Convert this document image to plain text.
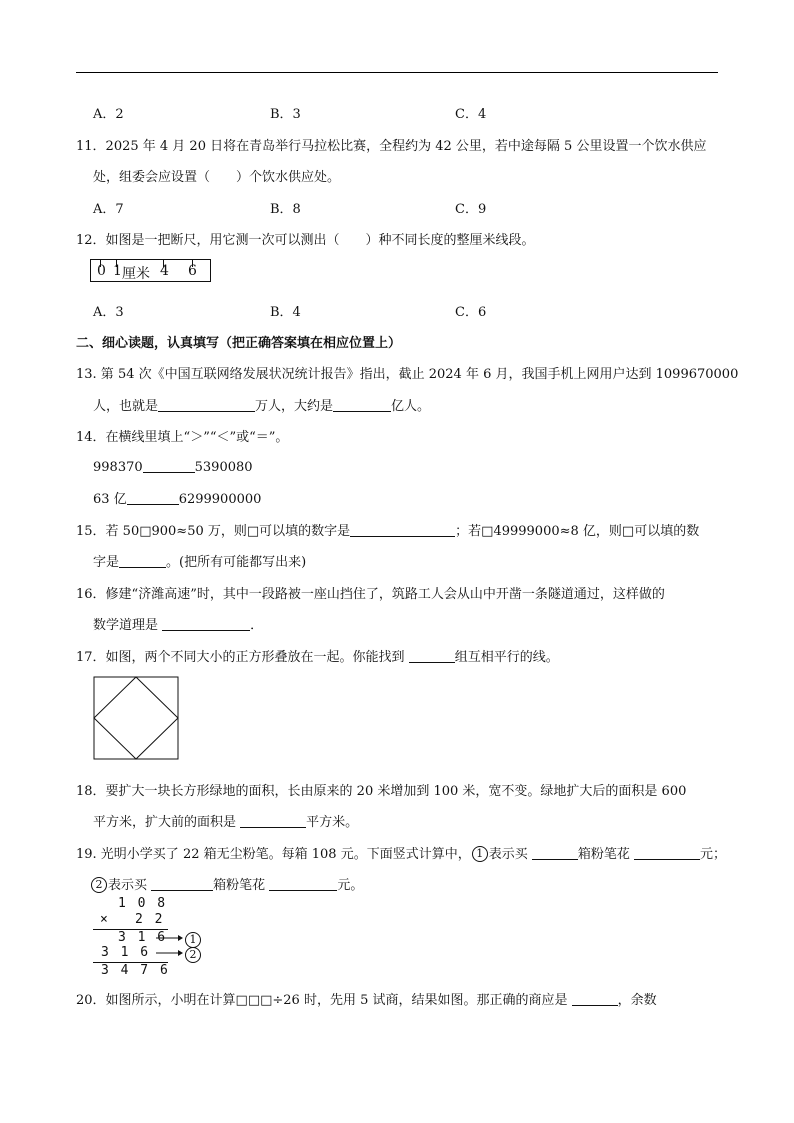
A．2	B．3	C．4
11．2025 年 4 月 20 日将在青岛举行马拉松比赛，全程约为 42 公里，若中途每隔 5 公里设置一个饮水供应
处，组委会应设置（　　）个饮水供应处。
A．7	B．8	C．9
12．如图是一把断尺，用它测一次可以测出（　　）种不同长度的整厘米线段。
0 1 厘米 4 6
A．3	B．4	C．6
二、细心读题，认真填写（把正确答案填在相应位置上）
13. 第 54 次《中国互联网络发展状况统计报告》指出，截止 2024 年 6 月，我国手机上网用户达到 1099670000
人，也就是	万人，大约是	亿人。
14．在横线里填上“＞”“＜”或“＝”。
998370	5390080
63 亿	6299900000
15．若 50□900≈50 万，则□可以填的数字是	；若□49999000≈8 亿，则□可以填的数
字是	。(把所有可能都写出来)
16．修建“济潍高速”时，其中一段路被一座山挡住了，筑路工人会从山中开凿一条隧道通过，这样做的
数学道理是	．
17．如图，两个不同大小的正方形叠放在一起。你能找到	组互相平行的线。
18．要扩大一块长方形绿地的面积，长由原来的 20 米增加到 100 米，宽不变。绿地扩大后的面积是 600
平方米，扩大前的面积是	平方米。
19. 光明小学买了 22 箱无尘粉笔。每箱 108 元。下面竖式计算中， 1 表示买	箱粉笔花	元；
2 表示买	箱粉笔花	元。
1 0 8
× 2 2
3 1 6
3 1 6
3 4 7 6
1
2
20．如图所示，小明在计算□□□÷26 时，先用 5 试商，结果如图。那正确的商应是	，余数
